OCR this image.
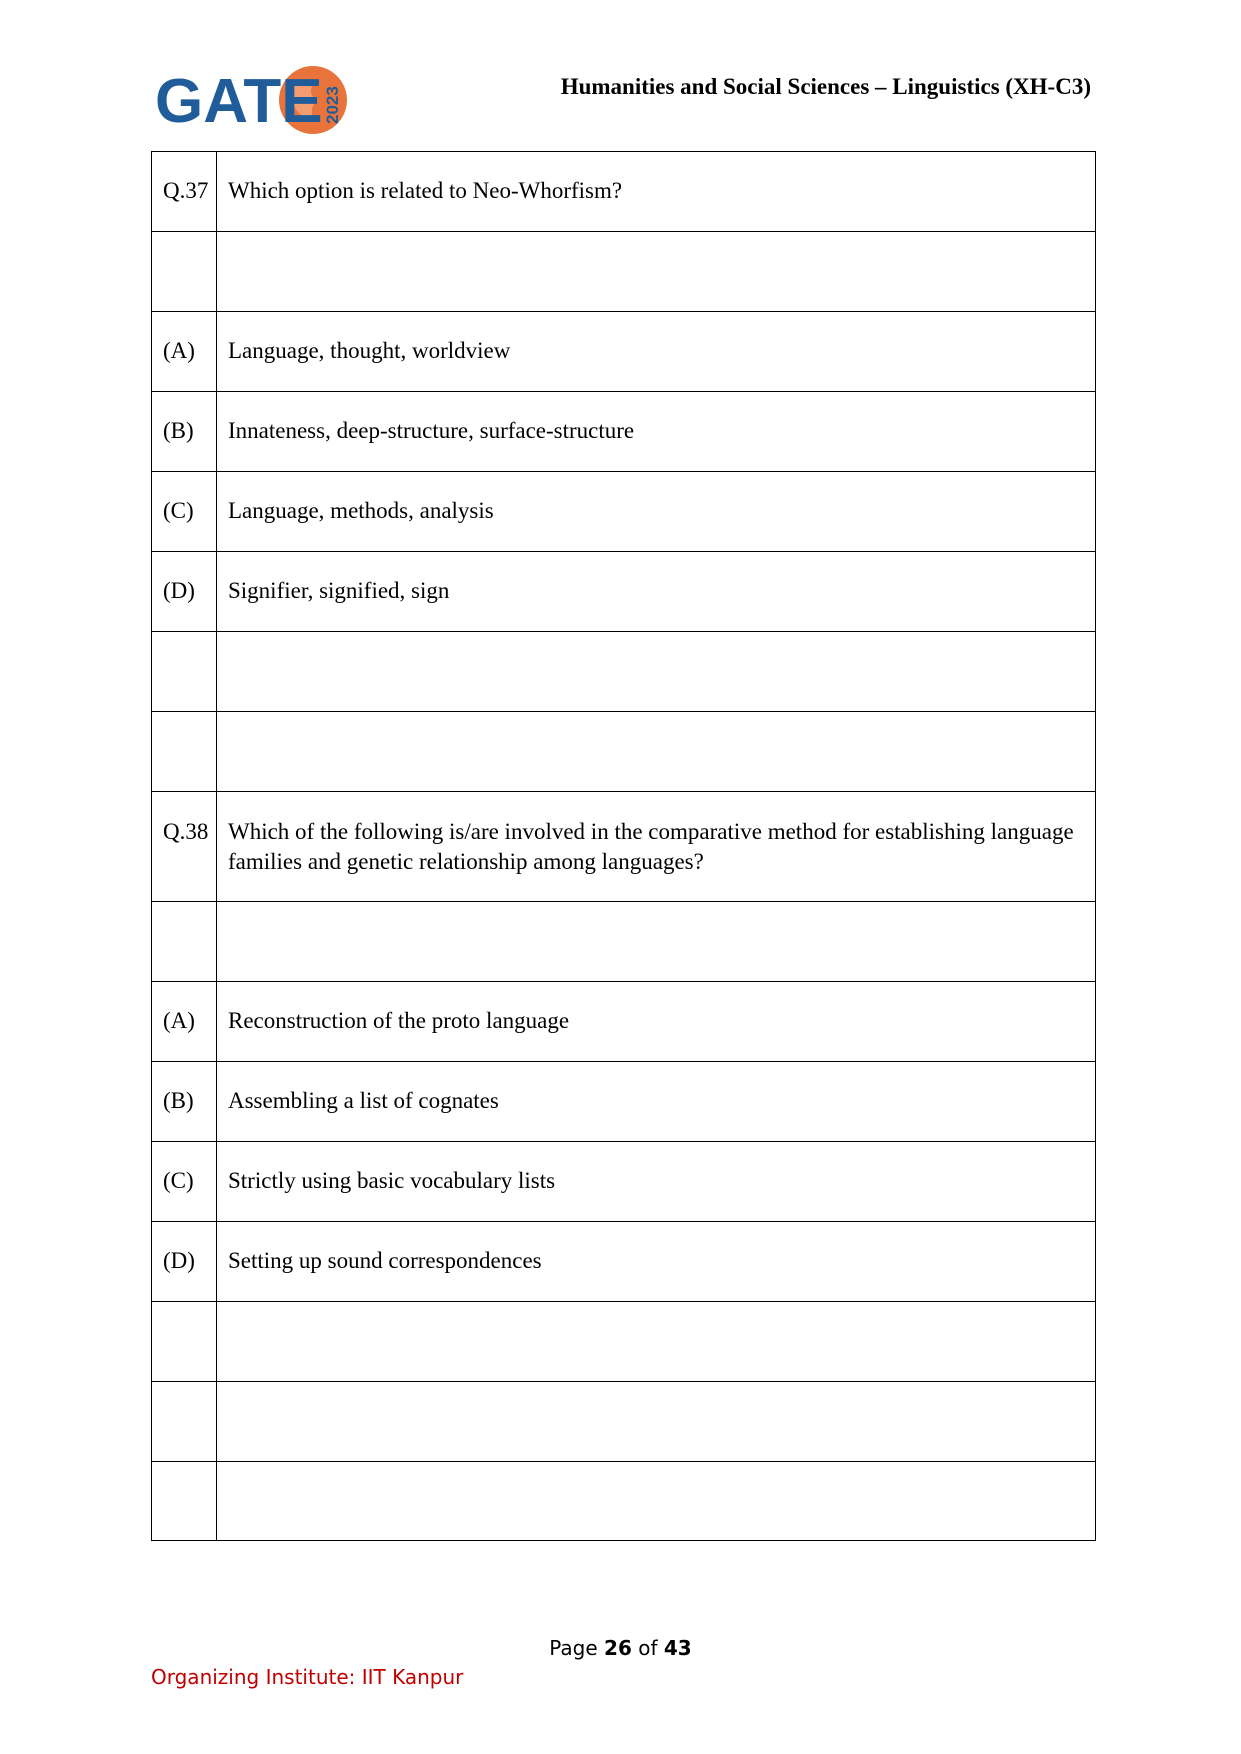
GATE 2023	Humanities and Social Sciences – Linguistics (XH-C3)
Q.37	Which option is related to Neo-Whorfism?

(A)	Language, thought, worldview
(B)	Innateness, deep-structure, surface-structure
(C)	Language, methods, analysis
(D)	Signifier, signified, sign

Q.38	Which of the following is/are involved in the comparative method for establishing language families and genetic relationship among languages?

(A)	Reconstruction of the proto language
(B)	Assembling a list of cognates
(C)	Strictly using basic vocabulary lists
(D)	Setting up sound correspondences

Page 26 of 43
Organizing Institute: IIT Kanpur
